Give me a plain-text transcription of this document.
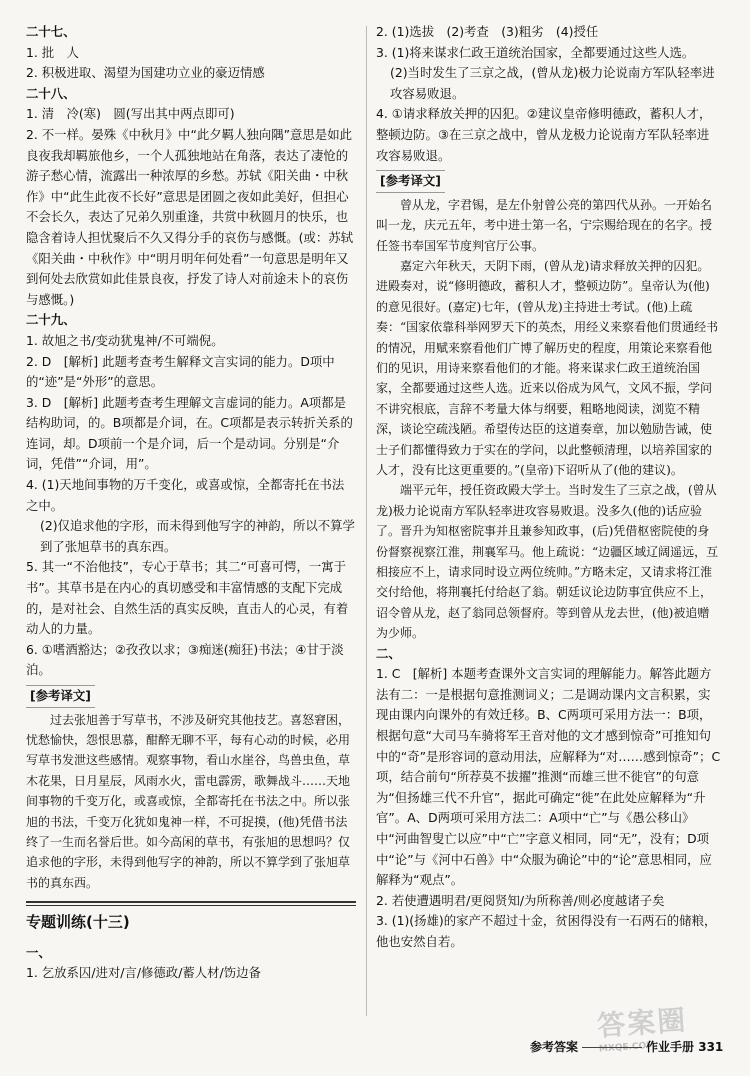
二十七、
1. 批　人
2. 积极进取、渴望为国建功立业的豪迈情感
二十八、
1. 清　冷(寒)　圆(写出其中两点即可)
2. 不一样。晏殊《中秋月》中“此夕羁人独向隅”意思是如此良夜我却羁旅他乡，一个人孤独地站在角落，表达了凄怆的游子愁心情，流露出一种浓厚的乡愁。苏轼《阳关曲・中秋作》中“此生此夜不长好”意思是团圆之夜如此美好，但担心不会长久，表达了兄弟久别重逢，共赏中秋圆月的快乐，也隐含着诗人担忧聚后不久又得分手的哀伤与感慨。(或：苏轼《阳关曲・中秋作》中“明月明年何处看”一句意思是明年又到何处去欣赏如此佳景良夜，抒发了诗人对前途未卜的哀伤与感慨。)
二十九、
1. 故旭之书/变动犹鬼神/不可端倪。
2. D　[解析] 此题考查考生解释文言实词的能力。D项中的“迹”是“外形”的意思。
3. D　[解析] 此题考查考生理解文言虚词的能力。A项都是结构助词，的。B项都是介词，在。C项都是表示转折关系的连词，却。D项前一个是介词，后一个是动词。分别是“介词，凭借”“介词，用”。
4. (1)天地间事物的万千变化，或喜或惊，全都寄托在书法之中。
(2)仅追求他的字形，而未得到他写字的神韵，所以不算学到了张旭草书的真东西。
5. 其一“不治他技”，专心于草书；其二“可喜可愕，一寓于书”。其草书是在内心的真切感受和丰富情感的支配下完成的，是对社会、自然生活的真实反映，直击人的心灵，有着动人的力量。
6. ①嗜酒豁达；②孜孜以求；③痴迷(痴狂)书法；④甘于淡泊。
[参考译文]

过去张旭善于写草书，不涉及研究其他技艺。喜怒窘困，忧愁愉快，怨恨思慕，酣醉无聊不平，每有心动的时候，必用写草书发泄这些感情。观察事物，看山水崖谷，鸟兽虫鱼，草木花果，日月星辰，风雨水火，雷电霹雳，歌舞战斗……天地间事物的千变万化，或喜或惊，全都寄托在书法之中。所以张旭的书法，千变万化犹如鬼神一样，不可捉摸，(他)凭借书法终了一生而名誉后世。如今高闲的草书，有张旭的思想吗？仅追求他的字形，未得到他写字的神韵，所以不算学到了张旭草书的真东西。

专题训练(十三)
一、
1. 乞放系囚/进对/言/修德政/蓄人材/饬边备
2. (1)选拔　(2)考查　(3)粗劣　(4)授任
3. (1)将来谋求仁政王道统治国家，全都要通过这些人选。
(2)当时发生了三京之战，(曾从龙)极力论说南方军队轻率进攻容易败退。
4. ①请求释放关押的囚犯。②建议皇帝修明德政，蓄积人才，整顿边防。③在三京之战中，曾从龙极力论说南方军队轻率进攻容易败退。
[参考译文]

曾从龙，字君锡，是左仆射曾公亮的第四代从孙。一开始名叫一龙，庆元五年，考中进士第一名，宁宗赐给现在的名字。授任签书奉国军节度判官厅公事。

嘉定六年秋天，天阴下雨，(曾从龙)请求释放关押的囚犯。进殿奏对，说“修明德政，蓄积人才，整顿边防”。皇帝认为(他)的意见很好。(嘉定)七年，(曾从龙)主持进士考试。(他)上疏奏：“国家依靠科举网罗天下的英杰，用经义来察看他们贯通经书的情况，用赋来察看他们广博了解历史的程度，用策论来察看他们的见识，用诗来察看他们的才能。将来谋求仁政王道统治国家，全都要通过这些人选。近来以俗成为风气，文风不振，学问不讲究根底，言辞不考量大体与纲要，粗略地阅读，浏览不精深，谈论空疏浅陋。希望传达臣的这道奏章，加以勉励告诫，使士子们都懂得致力于实在的学问，以此整顿清理，以培养国家的人才，没有比这更重要的。”(皇帝)下诏听从了(他的建议)。

端平元年，授任资政殿大学士。当时发生了三京之战，(曾从龙)极力论说南方军队轻率进攻容易败退。没多久(他的)话应验了。晋升为知枢密院事并且兼参知政事，(后)凭借枢密院使的身份督察视察江淮，荆襄军马。他上疏说：“边疆区域辽阔遥远，互相接应不上，请求同时设立两位统帅。”方略未定，又请求将江淮交付给他，将荆襄托付给赵了翁。朝廷议论边防事宜供应不上，诏令曾从龙，赵了翁同总领督府。等到曾从龙去世，(他)被追赠为少师。

二、
1. C　[解析] 本题考查课外文言实词的理解能力。解答此题方法有二：一是根据句意推测词义；二是调动课内文言积累，实现由课内向课外的有效迁移。B、C两项可采用方法一：B项，根据句意“大司马车骑将军王音对他的文才感到惊奇”可推知句中的“奇”是形容词的意动用法，应解释为“对……感到惊奇”；C项，结合前句“所荐莫不拔擢”推测“而雄三世不徙官”的句意为“但扬雄三代不升官”，据此可确定“徙”在此处应解释为“升官”。A、D两项可采用方法二：A项中“亡”与《愚公移山》中“河曲智叟亡以应”中“亡”字意义相同，同“无”，没有；D项中“论”与《河中石兽》中“众服为确论”中的“论”意思相同，应解释为“观点”。
2. 若使遭遇明君/更阅贤知/为所称善/则必度越诸子矣
3. (1)(扬雄)的家产不超过十金，贫困得没有一石两石的储粮，他也安然自若。
答案圈
MXQE.COM
参考答案	作业手册 331
